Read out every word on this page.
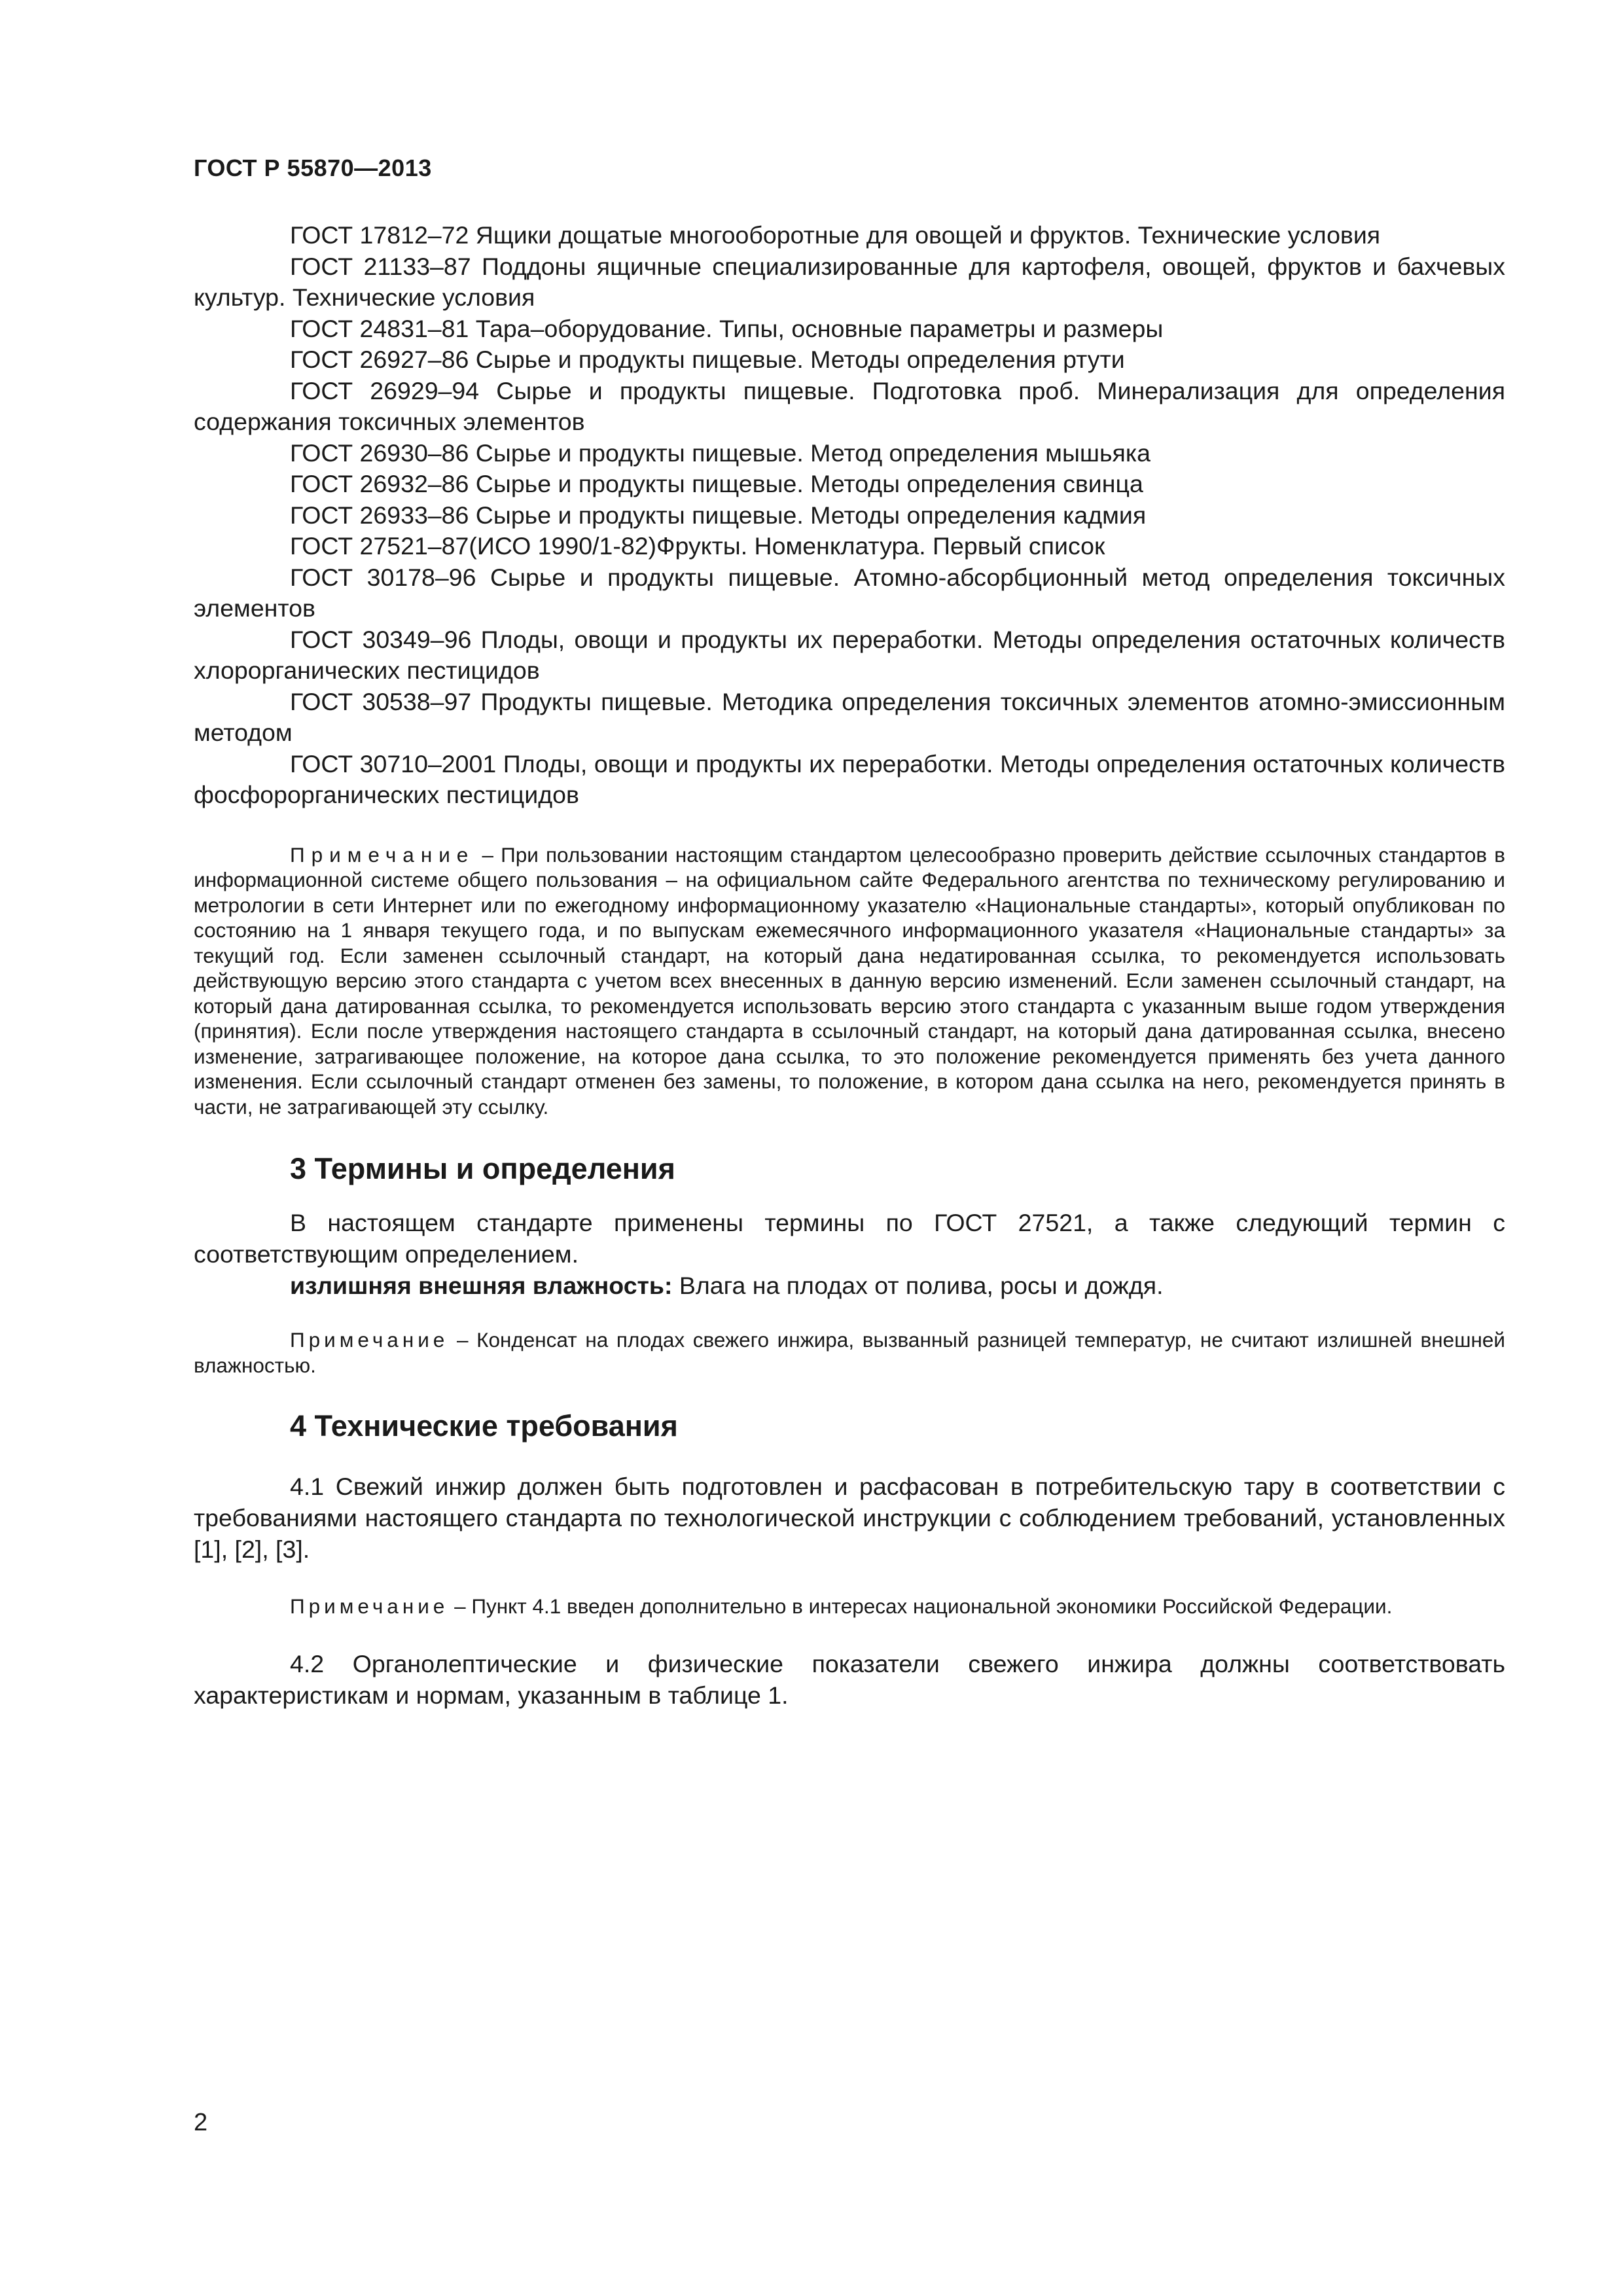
ГОСТ Р 55870—2013

ГОСТ 17812–72 Ящики дощатые многооборотные для овощей и фруктов. Технические условия

ГОСТ 21133–87 Поддоны ящичные специализированные для картофеля, овощей, фруктов и бахчевых культур. Технические условия

ГОСТ 24831–81 Тара–оборудование. Типы, основные параметры и размеры

ГОСТ 26927–86 Сырье и продукты пищевые. Методы определения ртути

ГОСТ 26929–94 Сырье и продукты пищевые. Подготовка проб. Минерализация для определения содержания токсичных элементов

ГОСТ 26930–86 Сырье и продукты пищевые. Метод определения мышьяка

ГОСТ 26932–86 Сырье и продукты пищевые. Методы определения свинца

ГОСТ 26933–86 Сырье и продукты пищевые. Методы определения кадмия

ГОСТ 27521–87(ИСО 1990/1-82)Фрукты. Номенклатура. Первый список

ГОСТ 30178–96 Сырье и продукты пищевые. Атомно-абсорбционный метод определения токсичных элементов

ГОСТ 30349–96 Плоды, овощи и продукты их переработки. Методы определения остаточных количеств хлорорганических пестицидов

ГОСТ 30538–97 Продукты пищевые. Методика определения токсичных элементов атомно-эмиссионным методом

ГОСТ 30710–2001 Плоды, овощи и продукты их переработки. Методы определения остаточных количеств фосфорорганических пестицидов

Примечание – При пользовании настоящим стандартом целесообразно проверить действие ссылочных стандартов в информационной системе общего пользования – на официальном сайте Федерального агентства по техническому регулированию и метрологии в сети Интернет или по ежегодному информационному указателю «Национальные стандарты», который опубликован по состоянию на 1 января текущего года, и по выпускам ежемесячного информационного указателя «Национальные стандарты» за текущий год. Если заменен ссылочный стандарт, на который дана недатированная ссылка, то рекомендуется использовать действующую версию этого стандарта с учетом всех внесенных в данную версию изменений. Если заменен ссылочный стандарт, на который дана датированная ссылка, то рекомендуется использовать версию этого стандарта с указанным выше годом утверждения (принятия). Если после утверждения настоящего стандарта в ссылочный стандарт, на который дана датированная ссылка, внесено изменение, затрагивающее положение, на которое дана ссылка, то это положение рекомендуется применять без учета данного изменения. Если ссылочный стандарт отменен без замены, то положение, в котором дана ссылка на него, рекомендуется принять в части, не затрагивающей эту ссылку.

3 Термины и определения

В настоящем стандарте применены термины по ГОСТ 27521, а также следующий термин с соответствующим определением.

излишняя внешняя влажность: Влага на плодах от полива, росы и дождя.

Примечание – Конденсат на плодах свежего инжира, вызванный разницей температур, не считают излишней внешней влажностью.

4 Технические требования

4.1 Свежий инжир должен быть подготовлен и расфасован в потребительскую тару в соответствии с требованиями настоящего стандарта по технологической инструкции с соблюдением требований, установленных [1], [2], [3].

Примечание – Пункт 4.1 введен дополнительно в интересах национальной экономики Российской Федерации.

4.2 Органолептические и физические показатели свежего инжира должны соответствовать характеристикам и нормам, указанным в таблице 1.

2
